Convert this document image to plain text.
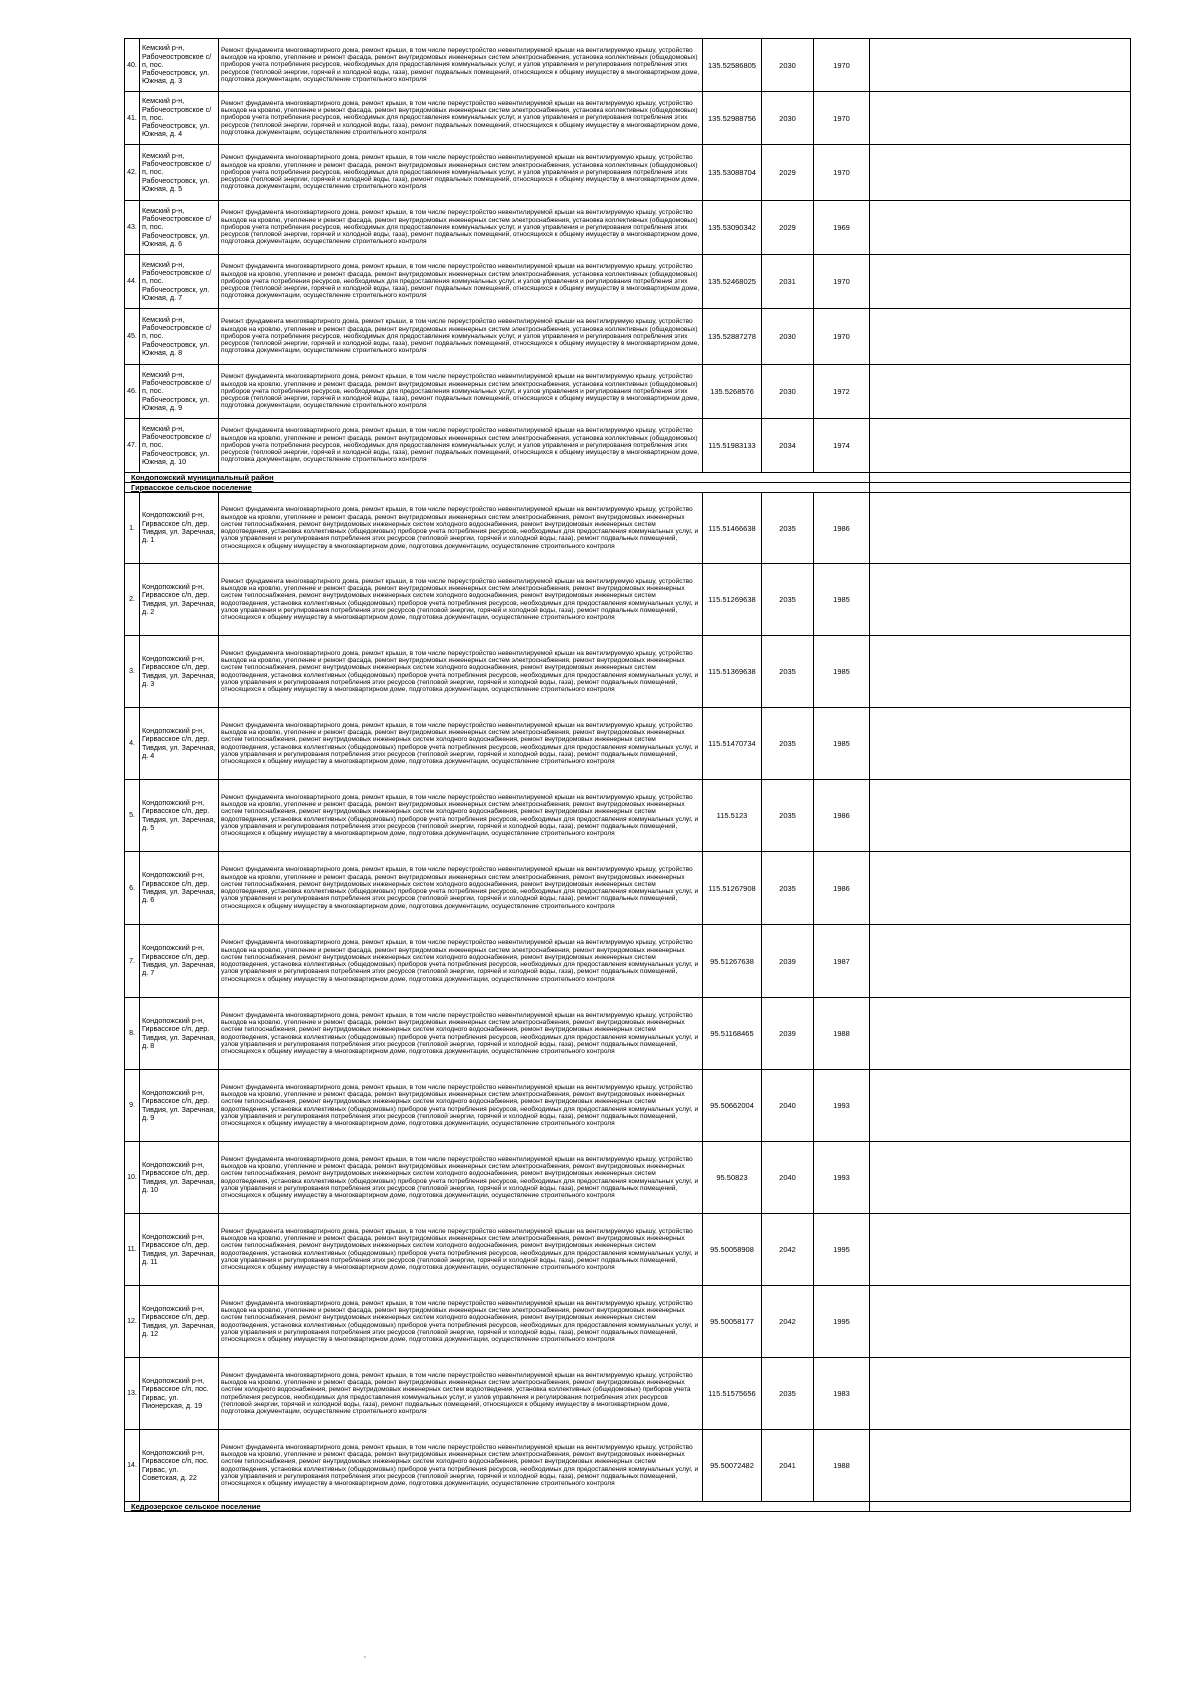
40.	Кемский р-н, Рабочеостровское с/п, пос. Рабочеостровск, ул. Южная, д. 3	Ремонт фундамента многоквартирного дома, ремонт крыши, в том числе переустройство невентилируемой крыши на вентилируемую крышу, устройство выходов на кровлю, утепление и ремонт фасада, ремонт внутридомовых инженерных систем электроснабжения, установка коллективных (общедомовых) приборов учета потребления ресурсов, необходимых для предоставления коммунальных услуг, и узлов управления и регулирования потребления этих ресурсов (тепловой энергии, горячей и холодной воды, газа), ремонт подвальных помещений, относящихся к общему имуществу в многоквартирном доме, подготовка документации, осуществление строительного контроля	135.52586805	2030	1970	
41.	Кемский р-н, Рабочеостровское с/п, пос. Рабочеостровск, ул. Южная, д. 4	Ремонт фундамента многоквартирного дома, ремонт крыши, в том числе переустройство невентилируемой крыши на вентилируемую крышу, устройство выходов на кровлю, утепление и ремонт фасада, ремонт внутридомовых инженерных систем электроснабжения, установка коллективных (общедомовых) приборов учета потребления ресурсов, необходимых для предоставления коммунальных услуг, и узлов управления и регулирования потребления этих ресурсов (тепловой энергии, горячей и холодной воды, газа), ремонт подвальных помещений, относящихся к общему имуществу в многоквартирном доме, подготовка документации, осуществление строительного контроля	135.52988756	2030	1970	
42.	Кемский р-н, Рабочеостровское с/п, пос. Рабочеостровск, ул. Южная, д. 5	Ремонт фундамента многоквартирного дома, ремонт крыши, в том числе переустройство невентилируемой крыши на вентилируемую крышу, устройство выходов на кровлю, утепление и ремонт фасада, ремонт внутридомовых инженерных систем электроснабжения, установка коллективных (общедомовых) приборов учета потребления ресурсов, необходимых для предоставления коммунальных услуг, и узлов управления и регулирования потребления этих ресурсов (тепловой энергии, горячей и холодной воды, газа), ремонт подвальных помещений, относящихся к общему имуществу в многоквартирном доме, подготовка документации, осуществление строительного контроля	135.53088704	2029	1970	
43.	Кемский р-н, Рабочеостровское с/п, пос. Рабочеостровск, ул. Южная, д. 6	Ремонт фундамента многоквартирного дома, ремонт крыши, в том числе переустройство невентилируемой крыши на вентилируемую крышу, устройство выходов на кровлю, утепление и ремонт фасада, ремонт внутридомовых инженерных систем электроснабжения, установка коллективных (общедомовых) приборов учета потребления ресурсов, необходимых для предоставления коммунальных услуг, и узлов управления и регулирования потребления этих ресурсов (тепловой энергии, горячей и холодной воды, газа), ремонт подвальных помещений, относящихся к общему имуществу в многоквартирном доме, подготовка документации, осуществление строительного контроля	135.53090342	2029	1969	
44.	Кемский р-н, Рабочеостровское с/п, пос. Рабочеостровск, ул. Южная, д. 7	Ремонт фундамента многоквартирного дома, ремонт крыши, в том числе переустройство невентилируемой крыши на вентилируемую крышу, устройство выходов на кровлю, утепление и ремонт фасада, ремонт внутридомовых инженерных систем электроснабжения, установка коллективных (общедомовых) приборов учета потребления ресурсов, необходимых для предоставления коммунальных услуг, и узлов управления и регулирования потребления этих ресурсов (тепловой энергии, горячей и холодной воды, газа), ремонт подвальных помещений, относящихся к общему имуществу в многоквартирном доме, подготовка документации, осуществление строительного контроля	135.52468025	2031	1970	
45.	Кемский р-н, Рабочеостровское с/п, пос. Рабочеостровск, ул. Южная, д. 8	Ремонт фундамента многоквартирного дома, ремонт крыши, в том числе переустройство невентилируемой крыши на вентилируемую крышу, устройство выходов на кровлю, утепление и ремонт фасада, ремонт внутридомовых инженерных систем электроснабжения, установка коллективных (общедомовых) приборов учета потребления ресурсов, необходимых для предоставления коммунальных услуг, и узлов управления и регулирования потребления этих ресурсов (тепловой энергии, горячей и холодной воды, газа), ремонт подвальных помещений, относящихся к общему имуществу в многоквартирном доме, подготовка документации, осуществление строительного контроля	135.52887278	2030	1970	
46.	Кемский р-н, Рабочеостровское с/п, пос. Рабочеостровск, ул. Южная, д. 9	Ремонт фундамента многоквартирного дома, ремонт крыши, в том числе переустройство невентилируемой крыши на вентилируемую крышу, устройство выходов на кровлю, утепление и ремонт фасада, ремонт внутридомовых инженерных систем электроснабжения, установка коллективных (общедомовых) приборов учета потребления ресурсов, необходимых для предоставления коммунальных услуг, и узлов управления и регулирования потребления этих ресурсов (тепловой энергии, горячей и холодной воды, газа), ремонт подвальных помещений, относящихся к общему имуществу в многоквартирном доме, подготовка документации, осуществление строительного контроля	135.5268576	2030	1972	
47.	Кемский р-н, Рабочеостровское с/п, пос. Рабочеостровск, ул. Южная, д. 10	Ремонт фундамента многоквартирного дома, ремонт крыши, в том числе переустройство невентилируемой крыши на вентилируемую крышу, устройство выходов на кровлю, утепление и ремонт фасада, ремонт внутридомовых инженерных систем электроснабжения, установка коллективных (общедомовых) приборов учета потребления ресурсов, необходимых для предоставления коммунальных услуг, и узлов управления и регулирования потребления этих ресурсов (тепловой энергии, горячей и холодной воды, газа), ремонт подвальных помещений, относящихся к общему имуществу в многоквартирном доме, подготовка документации, осуществление строительного контроля	115.51983133	2034	1974	
Кондопожский муниципальный район						
Гирвасское сельское поселение						
1.	Кондопожский р-н, Гирвасское с/п, дер. Тивдия, ул. Заречная, д. 1	Ремонт фундамента многоквартирного дома, ремонт крыши, в том числе переустройство невентилируемой крыши на вентилируемую крышу, устройство выходов на кровлю, утепление и ремонт фасада, ремонт внутридомовых инженерных систем электроснабжения, ремонт внутридомовых инженерных систем теплоснабжения, ремонт внутридомовых инженерных систем холодного водоснабжения, ремонт внутридомовых инженерных систем водоотведения, установка коллективных (общедомовых) приборов учета потребления ресурсов, необходимых для предоставления коммунальных услуг, и узлов управления и регулирования потребления этих ресурсов (тепловой энергии, горячей и холодной воды, газа), ремонт подвальных помещений, относящихся к общему имуществу в многоквартирном доме, подготовка документации, осуществление строительного контроля	115.51466638	2035	1986	
2.	Кондопожский р-н, Гирвасское с/п, дер. Тивдия, ул. Заречная, д. 2	Ремонт фундамента многоквартирного дома, ремонт крыши, в том числе переустройство невентилируемой крыши на вентилируемую крышу, устройство выходов на кровлю, утепление и ремонт фасада, ремонт внутридомовых инженерных систем электроснабжения, ремонт внутридомовых инженерных систем теплоснабжения, ремонт внутридомовых инженерных систем холодного водоснабжения, ремонт внутридомовых инженерных систем водоотведения, установка коллективных (общедомовых) приборов учета потребления ресурсов, необходимых для предоставления коммунальных услуг, и узлов управления и регулирования потребления этих ресурсов (тепловой энергии, горячей и холодной воды, газа), ремонт подвальных помещений, относящихся к общему имуществу в многоквартирном доме, подготовка документации, осуществление строительного контроля	115.51269638	2035	1985	
3.	Кондопожский р-н, Гирвасское с/п, дер. Тивдия, ул. Заречная, д. 3	Ремонт фундамента многоквартирного дома, ремонт крыши, в том числе переустройство невентилируемой крыши на вентилируемую крышу, устройство выходов на кровлю, утепление и ремонт фасада, ремонт внутридомовых инженерных систем электроснабжения, ремонт внутридомовых инженерных систем теплоснабжения, ремонт внутридомовых инженерных систем холодного водоснабжения, ремонт внутридомовых инженерных систем водоотведения, установка коллективных (общедомовых) приборов учета потребления ресурсов, необходимых для предоставления коммунальных услуг, и узлов управления и регулирования потребления этих ресурсов (тепловой энергии, горячей и холодной воды, газа), ремонт подвальных помещений, относящихся к общему имуществу в многоквартирном доме, подготовка документации, осуществление строительного контроля	115.51369638	2035	1985	
4.	Кондопожский р-н, Гирвасское с/п, дер. Тивдия, ул. Заречная, д. 4	Ремонт фундамента многоквартирного дома, ремонт крыши, в том числе переустройство невентилируемой крыши на вентилируемую крышу, устройство выходов на кровлю, утепление и ремонт фасада, ремонт внутридомовых инженерных систем электроснабжения, ремонт внутридомовых инженерных систем теплоснабжения, ремонт внутридомовых инженерных систем холодного водоснабжения, ремонт внутридомовых инженерных систем водоотведения, установка коллективных (общедомовых) приборов учета потребления ресурсов, необходимых для предоставления коммунальных услуг, и узлов управления и регулирования потребления этих ресурсов (тепловой энергии, горячей и холодной воды, газа), ремонт подвальных помещений, относящихся к общему имуществу в многоквартирном доме, подготовка документации, осуществление строительного контроля	115.51470734	2035	1985	
5.	Кондопожский р-н, Гирвасское с/п, дер. Тивдия, ул. Заречная, д. 5	Ремонт фундамента многоквартирного дома, ремонт крыши, в том числе переустройство невентилируемой крыши на вентилируемую крышу, устройство выходов на кровлю, утепление и ремонт фасада, ремонт внутридомовых инженерных систем электроснабжения, ремонт внутридомовых инженерных систем теплоснабжения, ремонт внутридомовых инженерных систем холодного водоснабжения, ремонт внутридомовых инженерных систем водоотведения, установка коллективных (общедомовых) приборов учета потребления ресурсов, необходимых для предоставления коммунальных услуг, и узлов управления и регулирования потребления этих ресурсов (тепловой энергии, горячей и холодной воды, газа), ремонт подвальных помещений, относящихся к общему имуществу в многоквартирном доме, подготовка документации, осуществление строительного контроля	115.5123	2035	1986	
6.	Кондопожский р-н, Гирвасское с/п, дер. Тивдия, ул. Заречная, д. 6	Ремонт фундамента многоквартирного дома, ремонт крыши, в том числе переустройство невентилируемой крыши на вентилируемую крышу, устройство выходов на кровлю, утепление и ремонт фасада, ремонт внутридомовых инженерных систем электроснабжения, ремонт внутридомовых инженерных систем теплоснабжения, ремонт внутридомовых инженерных систем холодного водоснабжения, ремонт внутридомовых инженерных систем водоотведения, установка коллективных (общедомовых) приборов учета потребления ресурсов, необходимых для предоставления коммунальных услуг, и узлов управления и регулирования потребления этих ресурсов (тепловой энергии, горячей и холодной воды, газа), ремонт подвальных помещений, относящихся к общему имуществу в многоквартирном доме, подготовка документации, осуществление строительного контроля	115.51267908	2035	1986	
7.	Кондопожский р-н, Гирвасское с/п, дер. Тивдия, ул. Заречная, д. 7	Ремонт фундамента многоквартирного дома, ремонт крыши, в том числе переустройство невентилируемой крыши на вентилируемую крышу, устройство выходов на кровлю, утепление и ремонт фасада, ремонт внутридомовых инженерных систем электроснабжения, ремонт внутридомовых инженерных систем теплоснабжения, ремонт внутридомовых инженерных систем холодного водоснабжения, ремонт внутридомовых инженерных систем водоотведения, установка коллективных (общедомовых) приборов учета потребления ресурсов, необходимых для предоставления коммунальных услуг, и узлов управления и регулирования потребления этих ресурсов (тепловой энергии, горячей и холодной воды, газа), ремонт подвальных помещений, относящихся к общему имуществу в многоквартирном доме, подготовка документации, осуществление строительного контроля	95.51267638	2039	1987	
8.	Кондопожский р-н, Гирвасское с/п, дер. Тивдия, ул. Заречная, д. 8	Ремонт фундамента многоквартирного дома, ремонт крыши, в том числе переустройство невентилируемой крыши на вентилируемую крышу, устройство выходов на кровлю, утепление и ремонт фасада, ремонт внутридомовых инженерных систем электроснабжения, ремонт внутридомовых инженерных систем теплоснабжения, ремонт внутридомовых инженерных систем холодного водоснабжения, ремонт внутридомовых инженерных систем водоотведения, установка коллективных (общедомовых) приборов учета потребления ресурсов, необходимых для предоставления коммунальных услуг, и узлов управления и регулирования потребления этих ресурсов (тепловой энергии, горячей и холодной воды, газа), ремонт подвальных помещений, относящихся к общему имуществу в многоквартирном доме, подготовка документации, осуществление строительного контроля	95.51168465	2039	1988	
9.	Кондопожский р-н, Гирвасское с/п, дер. Тивдия, ул. Заречная, д. 9	Ремонт фундамента многоквартирного дома, ремонт крыши, в том числе переустройство невентилируемой крыши на вентилируемую крышу, устройство выходов на кровлю, утепление и ремонт фасада, ремонт внутридомовых инженерных систем электроснабжения, ремонт внутридомовых инженерных систем теплоснабжения, ремонт внутридомовых инженерных систем холодного водоснабжения, ремонт внутридомовых инженерных систем водоотведения, установка коллективных (общедомовых) приборов учета потребления ресурсов, необходимых для предоставления коммунальных услуг, и узлов управления и регулирования потребления этих ресурсов (тепловой энергии, горячей и холодной воды, газа), ремонт подвальных помещений, относящихся к общему имуществу в многоквартирном доме, подготовка документации, осуществление строительного контроля	95.50662004	2040	1993	
10.	Кондопожский р-н, Гирвасское с/п, дер. Тивдия, ул. Заречная, д. 10	Ремонт фундамента многоквартирного дома, ремонт крыши, в том числе переустройство невентилируемой крыши на вентилируемую крышу, устройство выходов на кровлю, утепление и ремонт фасада, ремонт внутридомовых инженерных систем электроснабжения, ремонт внутридомовых инженерных систем теплоснабжения, ремонт внутридомовых инженерных систем холодного водоснабжения, ремонт внутридомовых инженерных систем водоотведения, установка коллективных (общедомовых) приборов учета потребления ресурсов, необходимых для предоставления коммунальных услуг, и узлов управления и регулирования потребления этих ресурсов (тепловой энергии, горячей и холодной воды, газа), ремонт подвальных помещений, относящихся к общему имуществу в многоквартирном доме, подготовка документации, осуществление строительного контроля	95.50823	2040	1993	
11.	Кондопожский р-н, Гирвасское с/п, дер. Тивдия, ул. Заречная, д. 11	Ремонт фундамента многоквартирного дома, ремонт крыши, в том числе переустройство невентилируемой крыши на вентилируемую крышу, устройство выходов на кровлю, утепление и ремонт фасада, ремонт внутридомовых инженерных систем электроснабжения, ремонт внутридомовых инженерных систем теплоснабжения, ремонт внутридомовых инженерных систем холодного водоснабжения, ремонт внутридомовых инженерных систем водоотведения, установка коллективных (общедомовых) приборов учета потребления ресурсов, необходимых для предоставления коммунальных услуг, и узлов управления и регулирования потребления этих ресурсов (тепловой энергии, горячей и холодной воды, газа), ремонт подвальных помещений, относящихся к общему имуществу в многоквартирном доме, подготовка документации, осуществление строительного контроля	95.50058908	2042	1995	
12.	Кондопожский р-н, Гирвасское с/п, дер. Тивдия, ул. Заречная, д. 12	Ремонт фундамента многоквартирного дома, ремонт крыши, в том числе переустройство невентилируемой крыши на вентилируемую крышу, устройство выходов на кровлю, утепление и ремонт фасада, ремонт внутридомовых инженерных систем электроснабжения, ремонт внутридомовых инженерных систем теплоснабжения, ремонт внутридомовых инженерных систем холодного водоснабжения, ремонт внутридомовых инженерных систем водоотведения, установка коллективных (общедомовых) приборов учета потребления ресурсов, необходимых для предоставления коммунальных услуг, и узлов управления и регулирования потребления этих ресурсов (тепловой энергии, горячей и холодной воды, газа), ремонт подвальных помещений, относящихся к общему имуществу в многоквартирном доме, подготовка документации, осуществление строительного контроля	95.50058177	2042	1995	
13.	Кондопожский р-н, Гирвасское с/п, пос. Гирвас, ул. Пионерская, д. 19	Ремонт фундамента многоквартирного дома, ремонт крыши, в том числе переустройство невентилируемой крыши на вентилируемую крышу, устройство выходов на кровлю, утепление и ремонт фасада, ремонт внутридомовых инженерных систем электроснабжения, ремонт внутридомовых инженерных систем холодного водоснабжения, ремонт внутридомовых инженерных систем водоотведения, установка коллективных (общедомовых) приборов учета потребления ресурсов, необходимых для предоставления коммунальных услуг, и узлов управления и регулирования потребления этих ресурсов (тепловой энергии, горячей и холодной воды, газа), ремонт подвальных помещений, относящихся к общему имуществу в многоквартирном доме, подготовка документации, осуществление строительного контроля	115.51575656	2035	1983	
14.	Кондопожский р-н, Гирвасское с/п, пос. Гирвас, ул. Советская, д. 22	Ремонт фундамента многоквартирного дома, ремонт крыши, в том числе переустройство невентилируемой крыши на вентилируемую крышу, устройство выходов на кровлю, утепление и ремонт фасада, ремонт внутридомовых инженерных систем электроснабжения, ремонт внутридомовых инженерных систем теплоснабжения, ремонт внутридомовых инженерных систем холодного водоснабжения, ремонт внутридомовых инженерных систем водоотведения, установка коллективных (общедомовых) приборов учета потребления ресурсов, необходимых для предоставления коммунальных услуг, и узлов управления и регулирования потребления этих ресурсов (тепловой энергии, горячей и холодной воды, газа), ремонт подвальных помещений, относящихся к общему имуществу в многоквартирном доме, подготовка документации, осуществление строительного контроля	95.50072482	2041	1988	
Кедрозерское сельское поселение						
